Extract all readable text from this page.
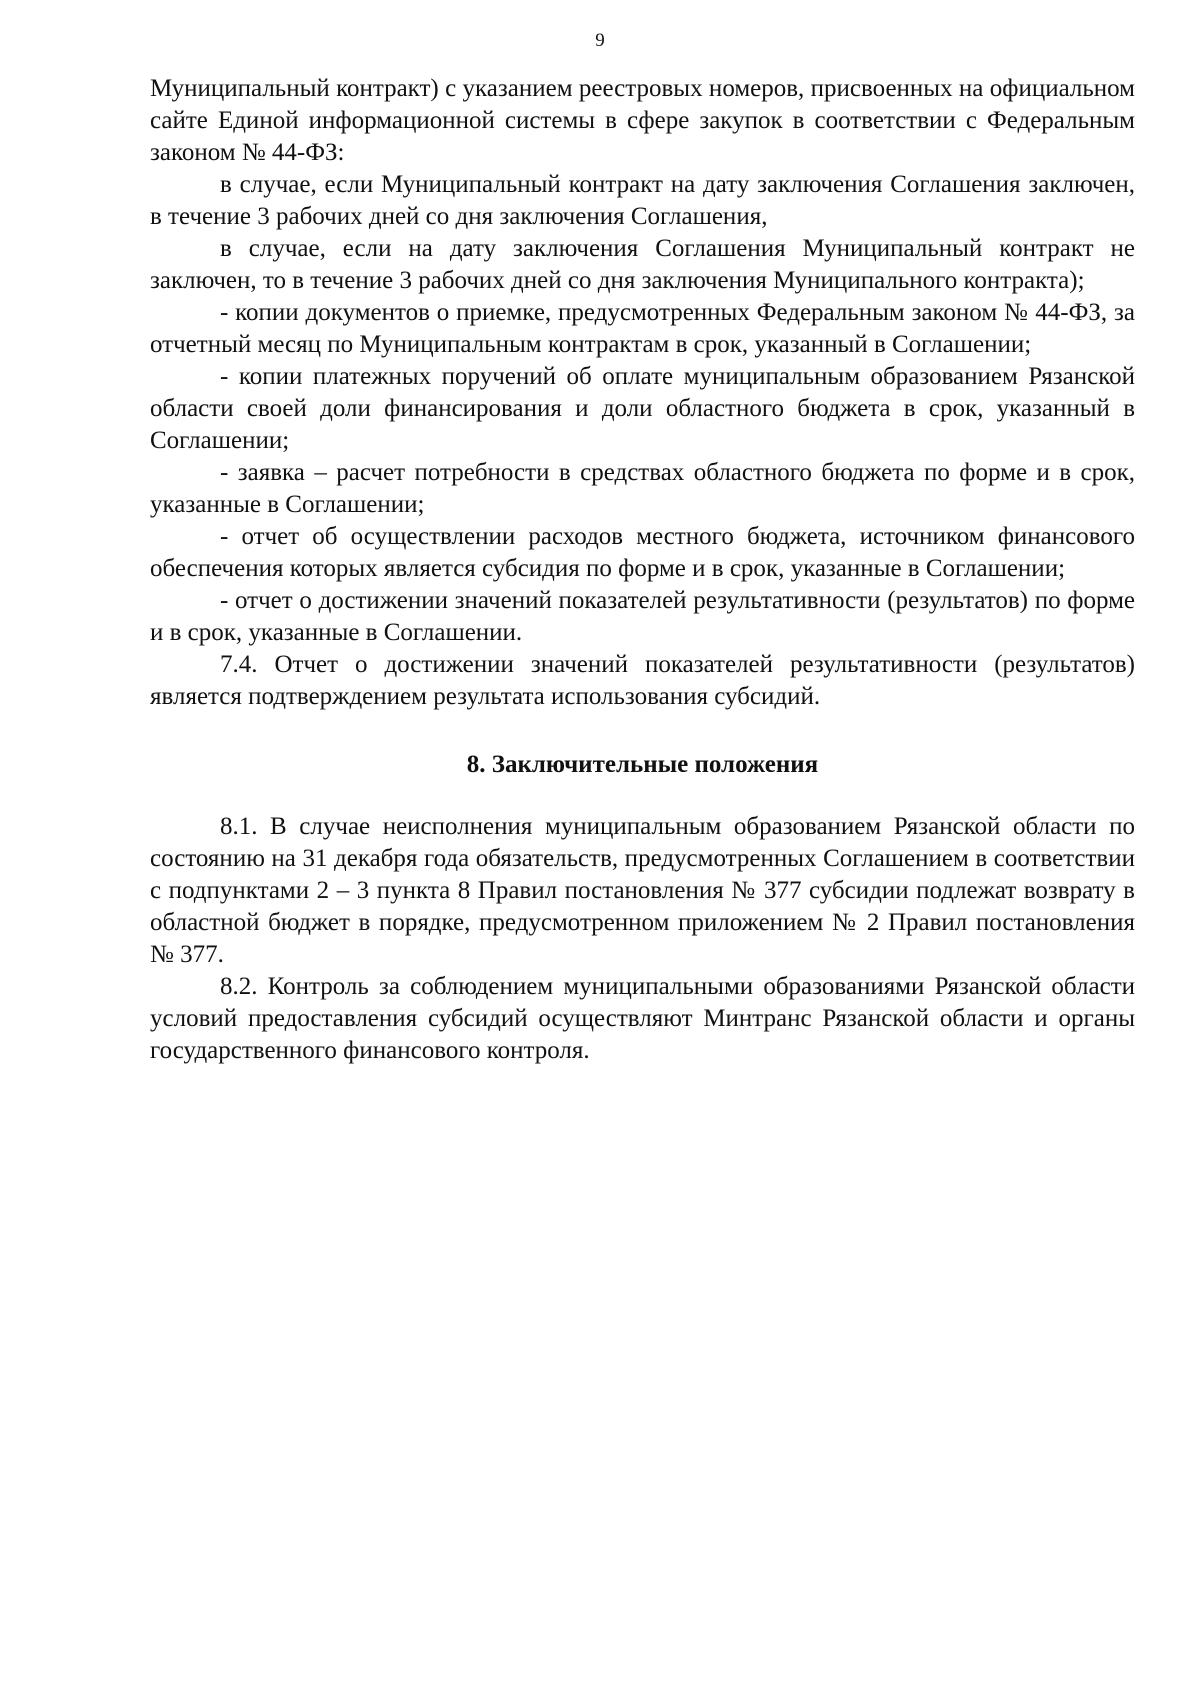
9

Муниципальный контракт) с указанием реестровых номеров, присвоенных на официальном сайте Единой информационной системы в сфере закупок в соответствии с Федеральным законом № 44-ФЗ:

в случае, если Муниципальный контракт на дату заключения Соглашения заключен, в течение 3 рабочих дней со дня заключения Соглашения,

в случае, если на дату заключения Соглашения Муниципальный контракт не заключен, то в течение 3 рабочих дней со дня заключения Муниципального контракта);

- копии документов о приемке, предусмотренных Федеральным законом № 44-ФЗ, за отчетный месяц по Муниципальным контрактам в срок, указанный в Соглашении;

- копии платежных поручений об оплате муниципальным образованием Рязанской области своей доли финансирования и доли областного бюджета в срок, указанный в Соглашении;

- заявка – расчет потребности в средствах областного бюджета по форме и в срок, указанные в Соглашении;

- отчет об осуществлении расходов местного бюджета, источником финансового обеспечения которых является субсидия по форме и в срок, указанные в Соглашении;

- отчет о достижении значений показателей результативности (результатов) по форме и в срок, указанные в Соглашении.

7.4. Отчет о достижении значений показателей результативности (результатов) является подтверждением результата использования субсидий.

8. Заключительные положения

8.1. В случае неисполнения муниципальным образованием Рязанской области по состоянию на 31 декабря года обязательств, предусмотренных Соглашением в соответствии с подпунктами 2 – 3 пункта 8 Правил постановления № 377 субсидии подлежат возврату в областной бюджет в порядке, предусмотренном приложением № 2 Правил постановления № 377.

8.2. Контроль за соблюдением муниципальными образованиями Рязанской области условий предоставления субсидий осуществляют Минтранс Рязанской области и органы государственного финансового контроля.
